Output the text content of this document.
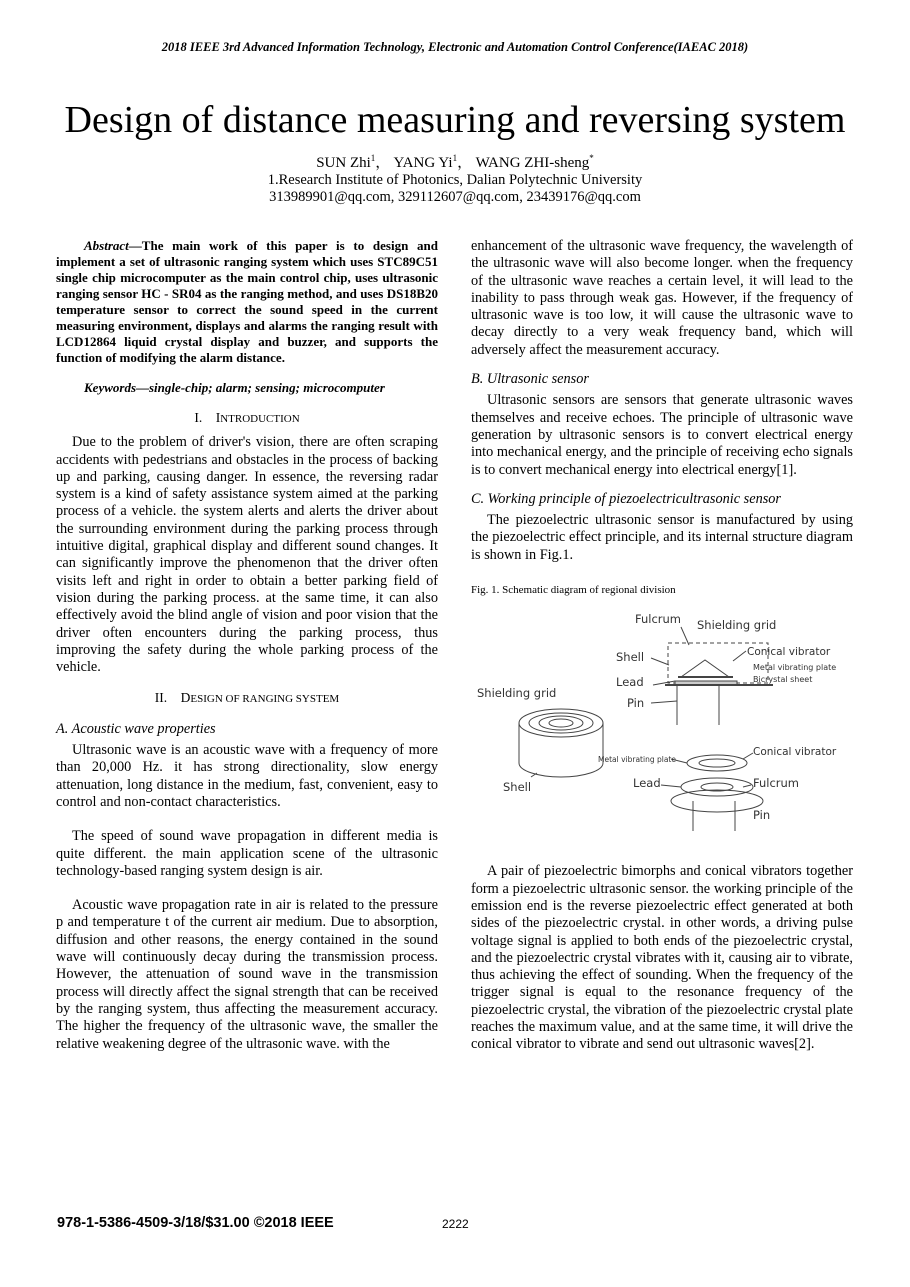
2018 IEEE 3rd Advanced Information Technology, Electronic and Automation Control Conference(IAEAC 2018)
Design of distance measuring and reversing system
SUN Zhi$^1$， YANG Yi$^1$， WANG ZHI-sheng*
1.Research Institute of Photonics, Dalian Polytechnic University
313989901@qq.com, 329112607@qq.com, 23439176@qq.com

Abstract—The main work of this paper is to design and implement a set of ultrasonic ranging system which uses STC89C51 single chip microcomputer as the main control chip, uses ultrasonic ranging sensor HC - SR04 as the ranging method, and uses DS18B20 temperature sensor to correct the sound speed in the current measuring environment, displays and alarms the ranging result with LCD12864 liquid crystal display and buzzer, and supports the function of modifying the alarm distance.

Keywords—single-chip; alarm; sensing; microcomputer

I. INTRODUCTION

Due to the problem of driver's vision, there are often scraping accidents with pedestrians and obstacles in the process of backing up and parking, causing danger. In essence, the reversing radar system is a kind of safety assistance system aimed at the parking process of a vehicle. the system alerts and alerts the driver about the surrounding environment during the parking process through intuitive digital, graphical display and different sound changes. It can significantly improve the phenomenon that the driver often visits left and right in order to obtain a better parking field of vision during the parking process. at the same time, it can also effectively avoid the blind angle of vision and poor vision that the driver often encounters during the parking process, thus improving the safety during the whole parking process of the vehicle.

II. DESIGN OF RANGING SYSTEM
A. Acoustic wave properties

Ultrasonic wave is an acoustic wave with a frequency of more than 20,000 Hz. it has strong directionality, slow energy attenuation, long distance in the medium, fast, convenient, easy to control and non-contact characteristics.

The speed of sound wave propagation in different media is quite different. the main application scene of the ultrasonic technology-based ranging system design is air.

Acoustic wave propagation rate in air is related to the pressure p and temperature t of the current air medium. Due to absorption, diffusion and other reasons, the energy contained in the sound wave will continuously decay during the transmission process. However, the attenuation of sound wave in the transmission process will directly affect the signal strength that can be received by the ranging system, thus affecting the measurement accuracy. The higher the frequency of the ultrasonic wave, the smaller the relative weakening degree of the ultrasonic wave. with the

enhancement of the ultrasonic wave frequency, the wavelength of the ultrasonic wave will also become longer. when the frequency of the ultrasonic wave reaches a certain level, it will lead to the inability to pass through weak gas. However, if the frequency of ultrasonic wave is too low, it will cause the ultrasonic wave to decay directly to a very weak frequency band, which will adversely affect the measurement accuracy.

B. Ultrasonic sensor

Ultrasonic sensors are sensors that generate ultrasonic waves themselves and receive echoes. The principle of ultrasonic wave generation by ultrasonic sensors is to convert electrical energy into mechanical energy, and the principle of receiving echo signals is to convert mechanical energy into electrical energy[1].

C. Working principle of piezoelectricultrasonic sensor

The piezoelectric ultrasonic sensor is manufactured by using the piezoelectric effect principle, and its internal structure diagram is shown in Fig.1.

Fig. 1. Schematic diagram of regional division
Fulcrum Shielding grid
Shell	Conical vibrator
Metal vibrating plate
Bicrystal sheet
Lead
Pin
Shielding grid
Shell
Metal vibrating plate
Conical vibrator
Lead	Fulcrum
Pin

A pair of piezoelectric bimorphs and conical vibrators together form a piezoelectric ultrasonic sensor. the working principle of the emission end is the reverse piezoelectric effect generated at both sides of the piezoelectric crystal. in other words, a driving pulse voltage signal is applied to both ends of the piezoelectric crystal, and the piezoelectric crystal vibrates with it, causing air to vibrate, thus achieving the effect of sounding. When the frequency of the trigger signal is equal to the resonance frequency of the piezoelectric crystal, the vibration of the piezoelectric crystal plate reaches the maximum value, and at the same time, it will drive the conical vibrator to vibrate and send out ultrasonic waves[2].

978-1-5386-4509-3/18/$31.00 ©2018 IEEE	2222
